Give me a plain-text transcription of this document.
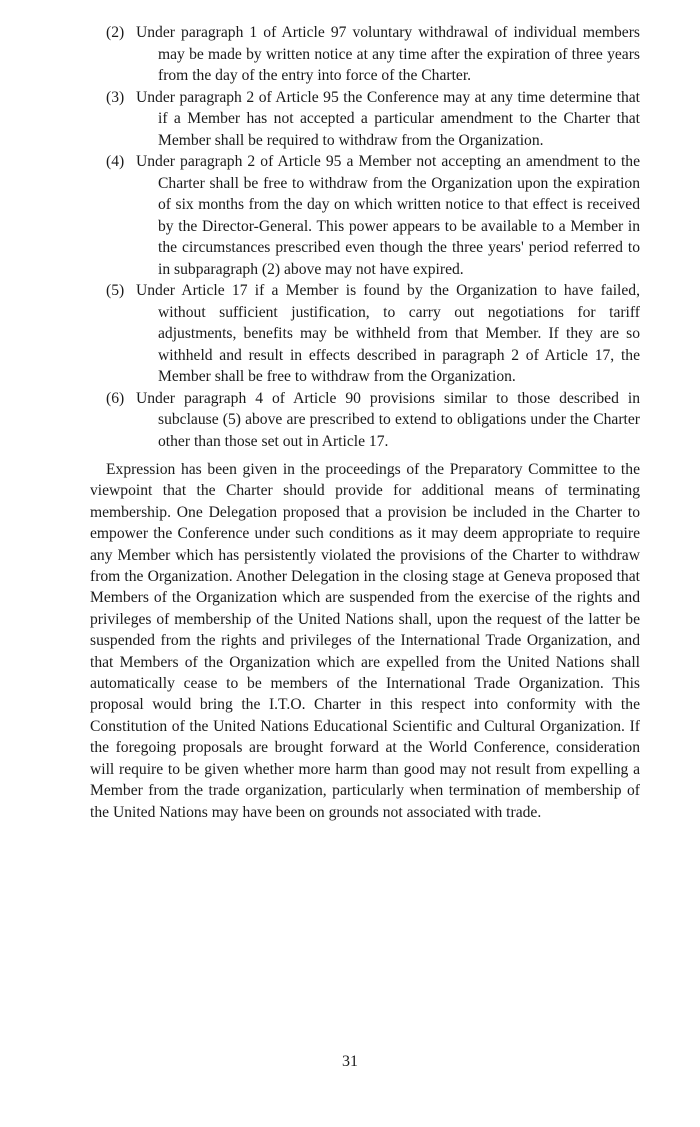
(2) Under paragraph 1 of Article 97 voluntary withdrawal of individual members may be made by written notice at any time after the expiration of three years from the day of the entry into force of the Charter.

(3) Under paragraph 2 of Article 95 the Conference may at any time determine that if a Member has not accepted a particular amendment to the Charter that Member shall be required to withdraw from the Organization.

(4) Under paragraph 2 of Article 95 a Member not accepting an amendment to the Charter shall be free to withdraw from the Organization upon the expiration of six months from the day on which written notice to that effect is received by the Director-General. This power appears to be available to a Member in the circumstances prescribed even though the three years' period referred to in subparagraph (2) above may not have expired.

(5) Under Article 17 if a Member is found by the Organization to have failed, without sufficient justification, to carry out negotiations for tariff adjustments, benefits may be withheld from that Member. If they are so withheld and result in effects described in paragraph 2 of Article 17, the Member shall be free to withdraw from the Organization.

(6) Under paragraph 4 of Article 90 provisions similar to those described in subclause (5) above are prescribed to extend to obligations under the Charter other than those set out in Article 17.

Expression has been given in the proceedings of the Preparatory Committee to the viewpoint that the Charter should provide for additional means of terminating membership. One Delegation proposed that a provision be included in the Charter to empower the Conference under such conditions as it may deem appropriate to require any Member which has persistently violated the provisions of the Charter to withdraw from the Organization. Another Delegation in the closing stage at Geneva proposed that Members of the Organization which are suspended from the exercise of the rights and privileges of membership of the United Nations shall, upon the request of the latter be suspended from the rights and privileges of the International Trade Organization, and that Members of the Organization which are expelled from the United Nations shall automatically cease to be members of the International Trade Organization. This proposal would bring the I.T.O. Charter in this respect into conformity with the Constitution of the United Nations Educational Scientific and Cultural Organization. If the foregoing proposals are brought forward at the World Conference, consideration will require to be given whether more harm than good may not result from expelling a Member from the trade organization, particularly when termination of membership of the United Nations may have been on grounds not associated with trade.

31
